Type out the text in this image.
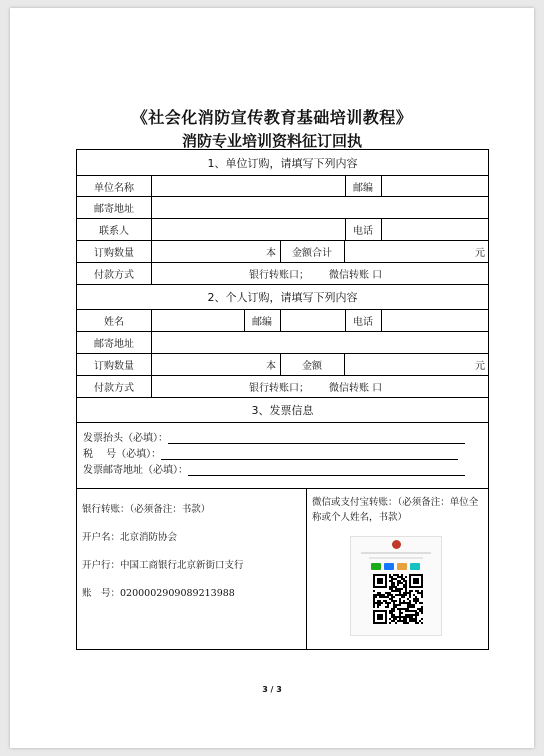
《社会化消防宣传教育基础培训教程》
消防专业培训资料征订回执
1、单位订购，请填写下列内容
单位名称	邮编
邮寄地址
联系人	电话
订购数量	本	金额合计	元
付款方式	银行转账口；	微信转账 口
2、个人订购，请填写下列内容
姓名	邮编	电话
邮寄地址
订购数量	本	金额	元
付款方式	银行转账口；	微信转账 口
3、发票信息
发票抬头（必填）：
税　 号（必填）：
发票邮寄地址（必填）：
银行转账：（必须备注：书款）
开户名：北京消防协会
开户行：中国工商银行北京新街口支行
账　号：0200002909089213988
微信或支付宝转账：（必须备注：单位全称或个人姓名，书款）
3 / 3
